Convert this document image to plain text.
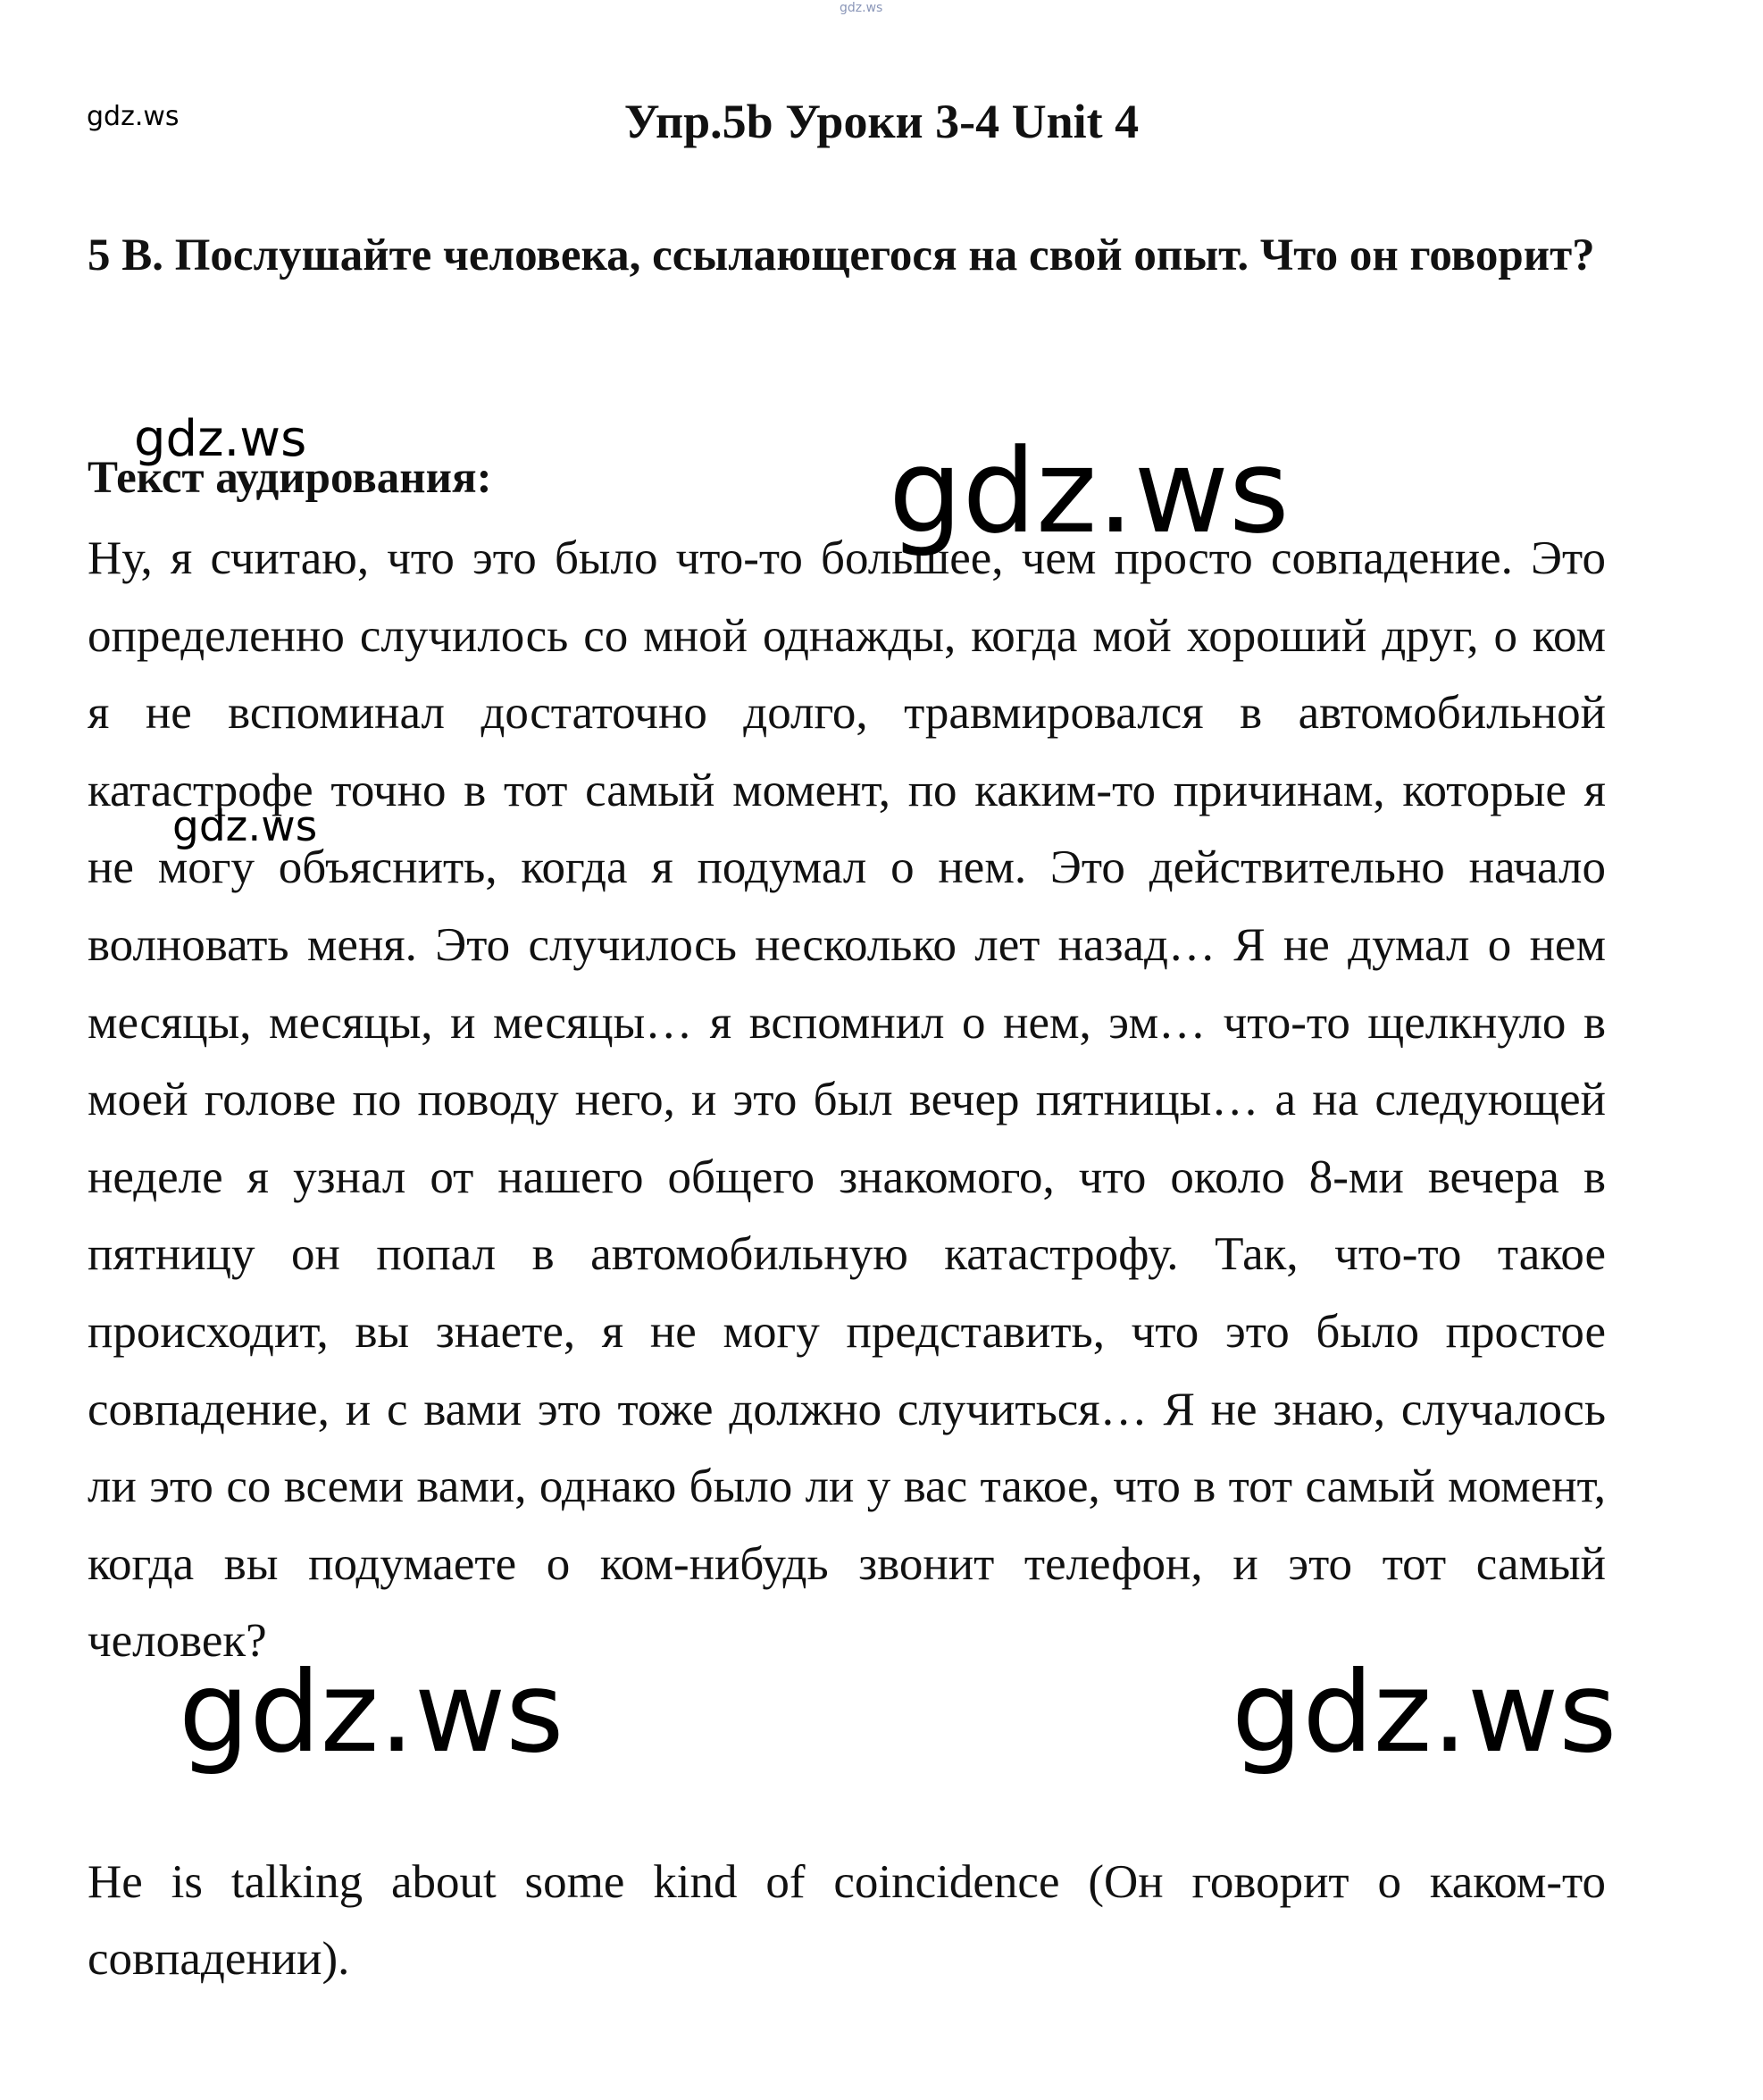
gdz.ws
gdz.ws	Упр.5b Уроки 3-4 Unit 4
5 B. Послушайте человека, ссылающегося на свой опыт. Что он говорит?
gdz.ws	gdz.ws
Текст аудирования:
Ну, я считаю, что это было что-то большее, чем просто совпадение. Это определенно случилось со мной однажды, когда мой хороший друг, о ком я не вспоминал достаточно долго, травмировался в автомобильной катастрофе точно в тот самый момент, по каким-то причинам, которые я не могу объяснить, когда я подумал о нем. Это действительно начало волновать меня. Это случилось несколько лет назад… Я не думал о нем месяцы, месяцы, и месяцы… я вспомнил о нем, эм… что-то щелкнуло в моей голове по поводу него, и это был вечер пятницы… а на следующей неделе я узнал от нашего общего знакомого, что около 8-ми вечера в пятницу он попал в автомобильную катастрофу. Так, что-то такое происходит, вы знаете, я не могу представить, что это было простое совпадение, и с вами это тоже должно случиться… Я не знаю, случалось ли это со всеми вами, однако было ли у вас такое, что в тот самый момент, когда вы подумаете о ком-нибудь звонит телефон, и это тот самый человек?
gdz.ws
gdz.ws	gdz.ws
He is talking about some kind of coincidence (Он говорит о каком-то совпадении).
